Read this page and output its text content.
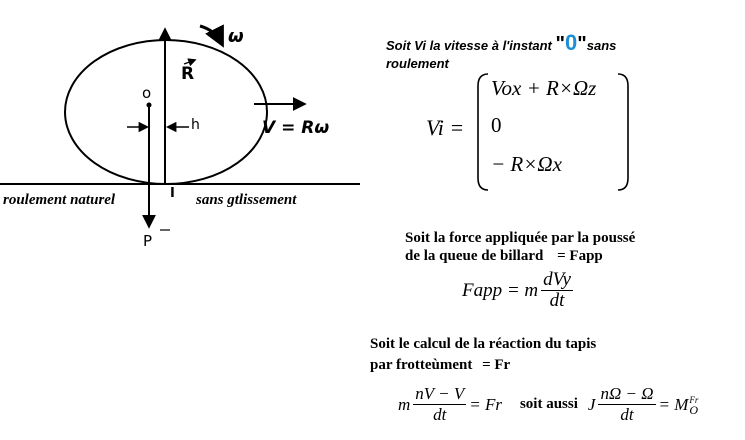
ω
R
o
h	V = Rω
I
P
roulement naturel	sans gtlissement
Soit Vi la vitesse à l'instant "0"sans
roulement
Vi =
Vox + R×Ωz
0
− R×Ωx
Soit la force appliquée par la poussé
de la queue de billard = Fapp
Fapp = m $\frac{\text{dVy}}{dt}$
Soit le calcul de la réaction du tapis
par frotteùment = Fr
m $\frac{nV - V}{dt} = Fr$ soit aussi J $\frac{n\Omega - \Omega}{dt} = M$ Fr
O
